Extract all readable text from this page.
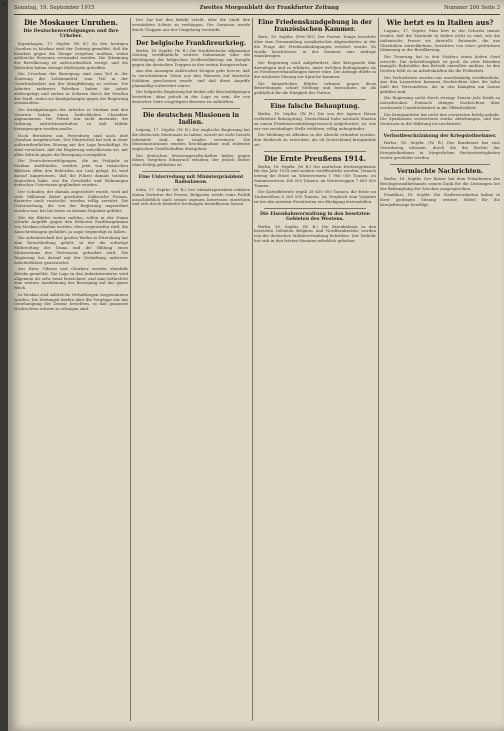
3 Sonntag, 19. September 1915	Zweites Morgenblatt der Frankfurter Zeitung	Nummer 260 Seite 3
Die Moskauer Unruhen.
Die Deutschenverfolgungen und ihre Urheber.

Kopenhagen, 17. Septbr. (W. B.) Zu den heutigen Unruhen in Moskau wird der Zeitung gemeldet, daß die Kosaken gegen die Menge vorgehen mußten, wobei zahlreiche Personen verwundet wurden. Die Stimmung der Bevölkerung ist außerordentlich erregt, und die Behörden haben strenge Maßregeln getroffen.

Die Ursachen der Bewegung sind zum Teil in der Teuerung der Lebensmittel, zum Teil in der Unzufriedenheit mit der Kriegführung zu suchen. Die Arbeiter mehrerer Fabriken haben die Arbeit niedergelegt und ziehen in Scharen durch die Straßen der Stadt, wobei sie Kundgebungen gegen die Regierung veranstalten.

Die Kundgebungen der Arbeiter in Moskau und den Vororten haben einen bedrohlichen Charakter angenommen. Die Polizei war nicht imstande, die Ordnung aufrechtzuerhalten, so daß Militär herangezogen werden mußte.

Nach Berichten aus Petersburg sind auch dort Unruhen ausgebrochen. Der Ministerrat hat sich in einer außerordentlichen Sitzung mit der Lage beschäftigt. Es wird versichert, daß die Regierung entschlossen sei, mit allen Mitteln gegen die Bewegung vorzugehen.

Die Deutschenverfolgungen, die im Frühjahr in Moskau stattfanden, werden jetzt von russischen Blättern offen den Behörden zur Last gelegt. Es wird darauf hingewiesen, daß die Polizei damals tatenlos zugesehen habe, wie die Geschäfte und Wohnungen deutscher Untertanen geplündert wurden.

Der Schaden, der damals angerichtet wurde, wird auf viele Millionen Rubel geschätzt. Zahlreiche Firmen, darunter auch russische, wurden völlig zerstört. Die Untersuchung, die von der Regierung angeordnet worden war, hat bis heute zu keinem Ergebnis geführt.

Wie die Blätter weiter melden, sollen in der Duma scharfe Angriffe gegen den früheren Stadthauptmann von Moskau erhoben werden, dem vorgeworfen wird, die Ausschreitungen geduldet, ja sogar begünstigt zu haben.

Die Arbeiterschaft der großen Werke in Petersburg hat eine Entschließung gefaßt, in der die sofortige Einberufung der Duma und die Bildung eines Ministeriums des Vertrauens gefordert wird. Die Regierung hat darauf mit der Verhaftung mehrerer Arbeiterführer geantwortet.

Aus Kiew, Odessa und Charkow werden ebenfalls Streiks gemeldet. Die Lage in den Industriezentren wird allgemein als sehr ernst bezeichnet, und man befürchtet eine weitere Ausdehnung der Bewegung auf das ganze Reich.

In Moskau sind zahlreiche Verhaftungen vorgenommen worden. Die Zeitungen dürfen über die Vorgänge nur mit Genehmigung der Zensur berichten, so daß genauere Nachrichten schwer zu erlangen sind.

Der Zar hat den Befehl erteilt, über die Stadt den verstärkten Schutz zu verhängen. Die Garnison wurde durch Truppen aus der Umgebung verstärkt.

Der belgische Frankfireurkrieg.

Berlin, 18. Septbr. (W. B.) Die Norddeutsche Allgemeine Zeitung veröffentlicht weitere Dokumente über die Beteiligung der belgischen Zivilbevölkerung am Kampfe gegen die deutschen Truppen in den ersten Kriegswochen.

Aus den Aussagen zahlreicher Zeugen geht hervor, daß in verschiedenen Orten aus den Häusern auf deutsche Soldaten geschossen wurde, und daß diese Angriffe planmäßig vorbereitet waren.

Die belgische Regierung hat bisher alle Beschuldigungen bestritten, ohne jedoch in der Lage zu sein, die von deutscher Seite vorgelegten Beweise zu entkräften.

Die deutschen Missionen in Indien.

Leipzig, 17. Septbr. (W. B.) Die englische Regierung hat die deutschen Missionare in Indien, soweit sie nicht bereits interniert sind, des Landes verwiesen. Die Missionsstationen wurden beschlagnahmt und teilweise englischen Gesellschaften übergeben.

Die deutschen Missionsgesellschaften haben gegen dieses Vorgehen Einspruch erhoben, der jedoch bisher ohne Erfolg geblieben ist.

Eine Unterredung mit Ministerpräsident Radoslawow.

Sofia, 17. Septbr. (W. B.) Der Ministerpräsident erklärte einem Vertreter der Presse, Bulgarien werde seine Politik ausschließlich nach seinen eigenen Interessen einrichten und sich durch keinerlei Drohungen beeinflussen lassen.

Eine Friedenskundgebung in der französischen Kammer.

Bern, 18. Septbr. (Priv.-Tel.) Der Pariser Temps berichtet über eine Versammlung sozialistischer Abgeordneter, in der die Frage der Friedensbedingungen erörtert wurde. Es wurde beschlossen, in der Kammer eine Anfrage einzubringen.

Die Regierung wird aufgefordert, ihre Kriegsziele klar darzulegen und zu erklären, unter welchen Bedingungen sie zu Friedensverhandlungen bereit wäre. Die Anfrage dürfte in der nächsten Sitzung zur Sprache kommen.

Die bürgerlichen Blätter nehmen gegen diese Bestrebungen scharf Stellung und bezeichnen sie als gefährlich für die Einigkeit der Nation.

Eine falsche Behauptung.

Berlin, 18. Septbr. (W. B.) Die von der Agence Havas verbreitete Behauptung, Deutschland habe neutrale Staaten zu einem Friedensvermittlungsversuch aufgefordert, ist, wie wir von zuständiger Stelle erfahren, völlig unbegründet.

Die Meldung ist offenbar in der Absicht erfunden worden, den Eindruck zu erwecken, als ob Deutschland kriegsmüde sei.

Die Ernte Preußens 1914.

Berlin, 18. Septbr. (W. B.) Die amtlichen Ernteergebnisse für das Jahr 1914 sind soeben veröffentlicht worden. Danach betrug die Ernte an Winterweizen 1 986 000 Tonnen, an Sommerweizen 386 000 Tonnen, an Winterroggen 7 860 000 Tonnen.

Die Kartoffelernte ergab 28 450 000 Tonnen, die Ernte an Zuckerrüben 8 260 000 Tonnen. Im Vergleich zum Vorjahre ist bei den meisten Fruchtarten ein Rückgang festzustellen.

Die Eisenbahnverwaltung in den besetzten Gebieten des Westens.

Berlin, 18. Septbr. (W. B.) Die Eisenbahnen in den besetzten Gebieten Belgiens und Nordfrankreichs werden von der deutschen Militärverwaltung betrieben. Der Verkehr hat sich in den letzten Monaten erheblich gehoben.

Wie hetzt es in Italien aus?

Lugano, 17. Septbr. Man hört in der Schweiz immer wieder, daß die Zustände in Italien nicht so sind, wie die italienische Presse sie darstellt. Reisende, die aus Oberitalien zurückkehren, berichten von einer gedrückten Stimmung in der Bevölkerung.

Die Teuerung hat in den Städten einen hohen Grad erreicht. Die Arbeitslosigkeit ist groß, da viele Fabriken mangels Rohstoffen den Betrieb einstellen mußten. In den Dörfern fehlt es an Arbeitskräften für die Feldarbeit.

Die Verlustlisten werden nur unvollständig veröffentlicht. Aus den Lazaretten kommen Nachrichten über die hohe Zahl der Verwundeten, die in den Kämpfen am Isonzo gefallen sind.

Die Regierung sucht durch strenge Zensur jede Kritik zu unterdrücken. Dennoch dringen Nachrichten über wachsende Unzufriedenheit in die Öffentlichkeit.

Die Kriegsanleihe hat nicht den erwarteten Erfolg gehabt. Die Sparkassen verzeichnen starke Abhebungen, und das Vertrauen in die Währung ist erschüttert.

Verlustbeschränkung der Kriegsteilnehmer.

Berlin, 18. Septbr. (W. B.) Der Bundesrat hat eine Verordnung erlassen, durch die die Rechte der Kriegsteilnehmer in bürgerlichen Rechtsstreitigkeiten weiter geschützt werden.

Vermischte Nachrichten.

Berlin, 18. Septbr. Der Kaiser hat dem Präsidenten des Reichsgesundheitsamts seinen Dank für die Leistungen bei der Bekämpfung der Seuchen ausgesprochen.

Frankfurt, 18. Septbr. Die Stadtverordneten haben in ihrer gestrigen Sitzung weitere Mittel für die Kriegsfürsorge bewilligt.
